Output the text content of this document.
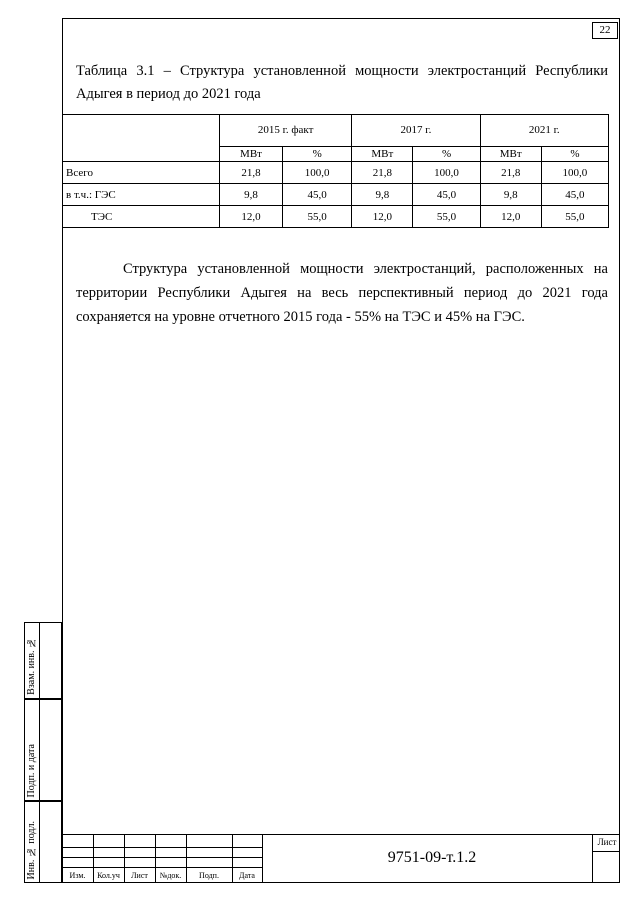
22
Таблица 3.1 – Структура установленной мощности электростанций Республики Адыгея в период до 2021 года
	2015 г. факт		2017 г.		2021 г.	
	МВт	%	МВт	%	МВт	%
Всего	21,8	100,0	21,8	100,0	21,8	100,0
в т.ч.: ГЭС	9,8	45,0	9,8	45,0	9,8	45,0
ТЭС	12,0	55,0	12,0	55,0	12,0	55,0
Структура установленной мощности электростанций, расположенных на территории Республики Адыгея на весь перспективный период до 2021 года сохраняется на уровне отчетного 2015 года - 55% на ТЭС и 45% на ГЭС.
Взам. инв. №
Подп. и дата
Инв. № подл.	Изм.	Кол.уч	Лист	№док.	Подп.	Дата
9751-09-т.1.2
Лист
